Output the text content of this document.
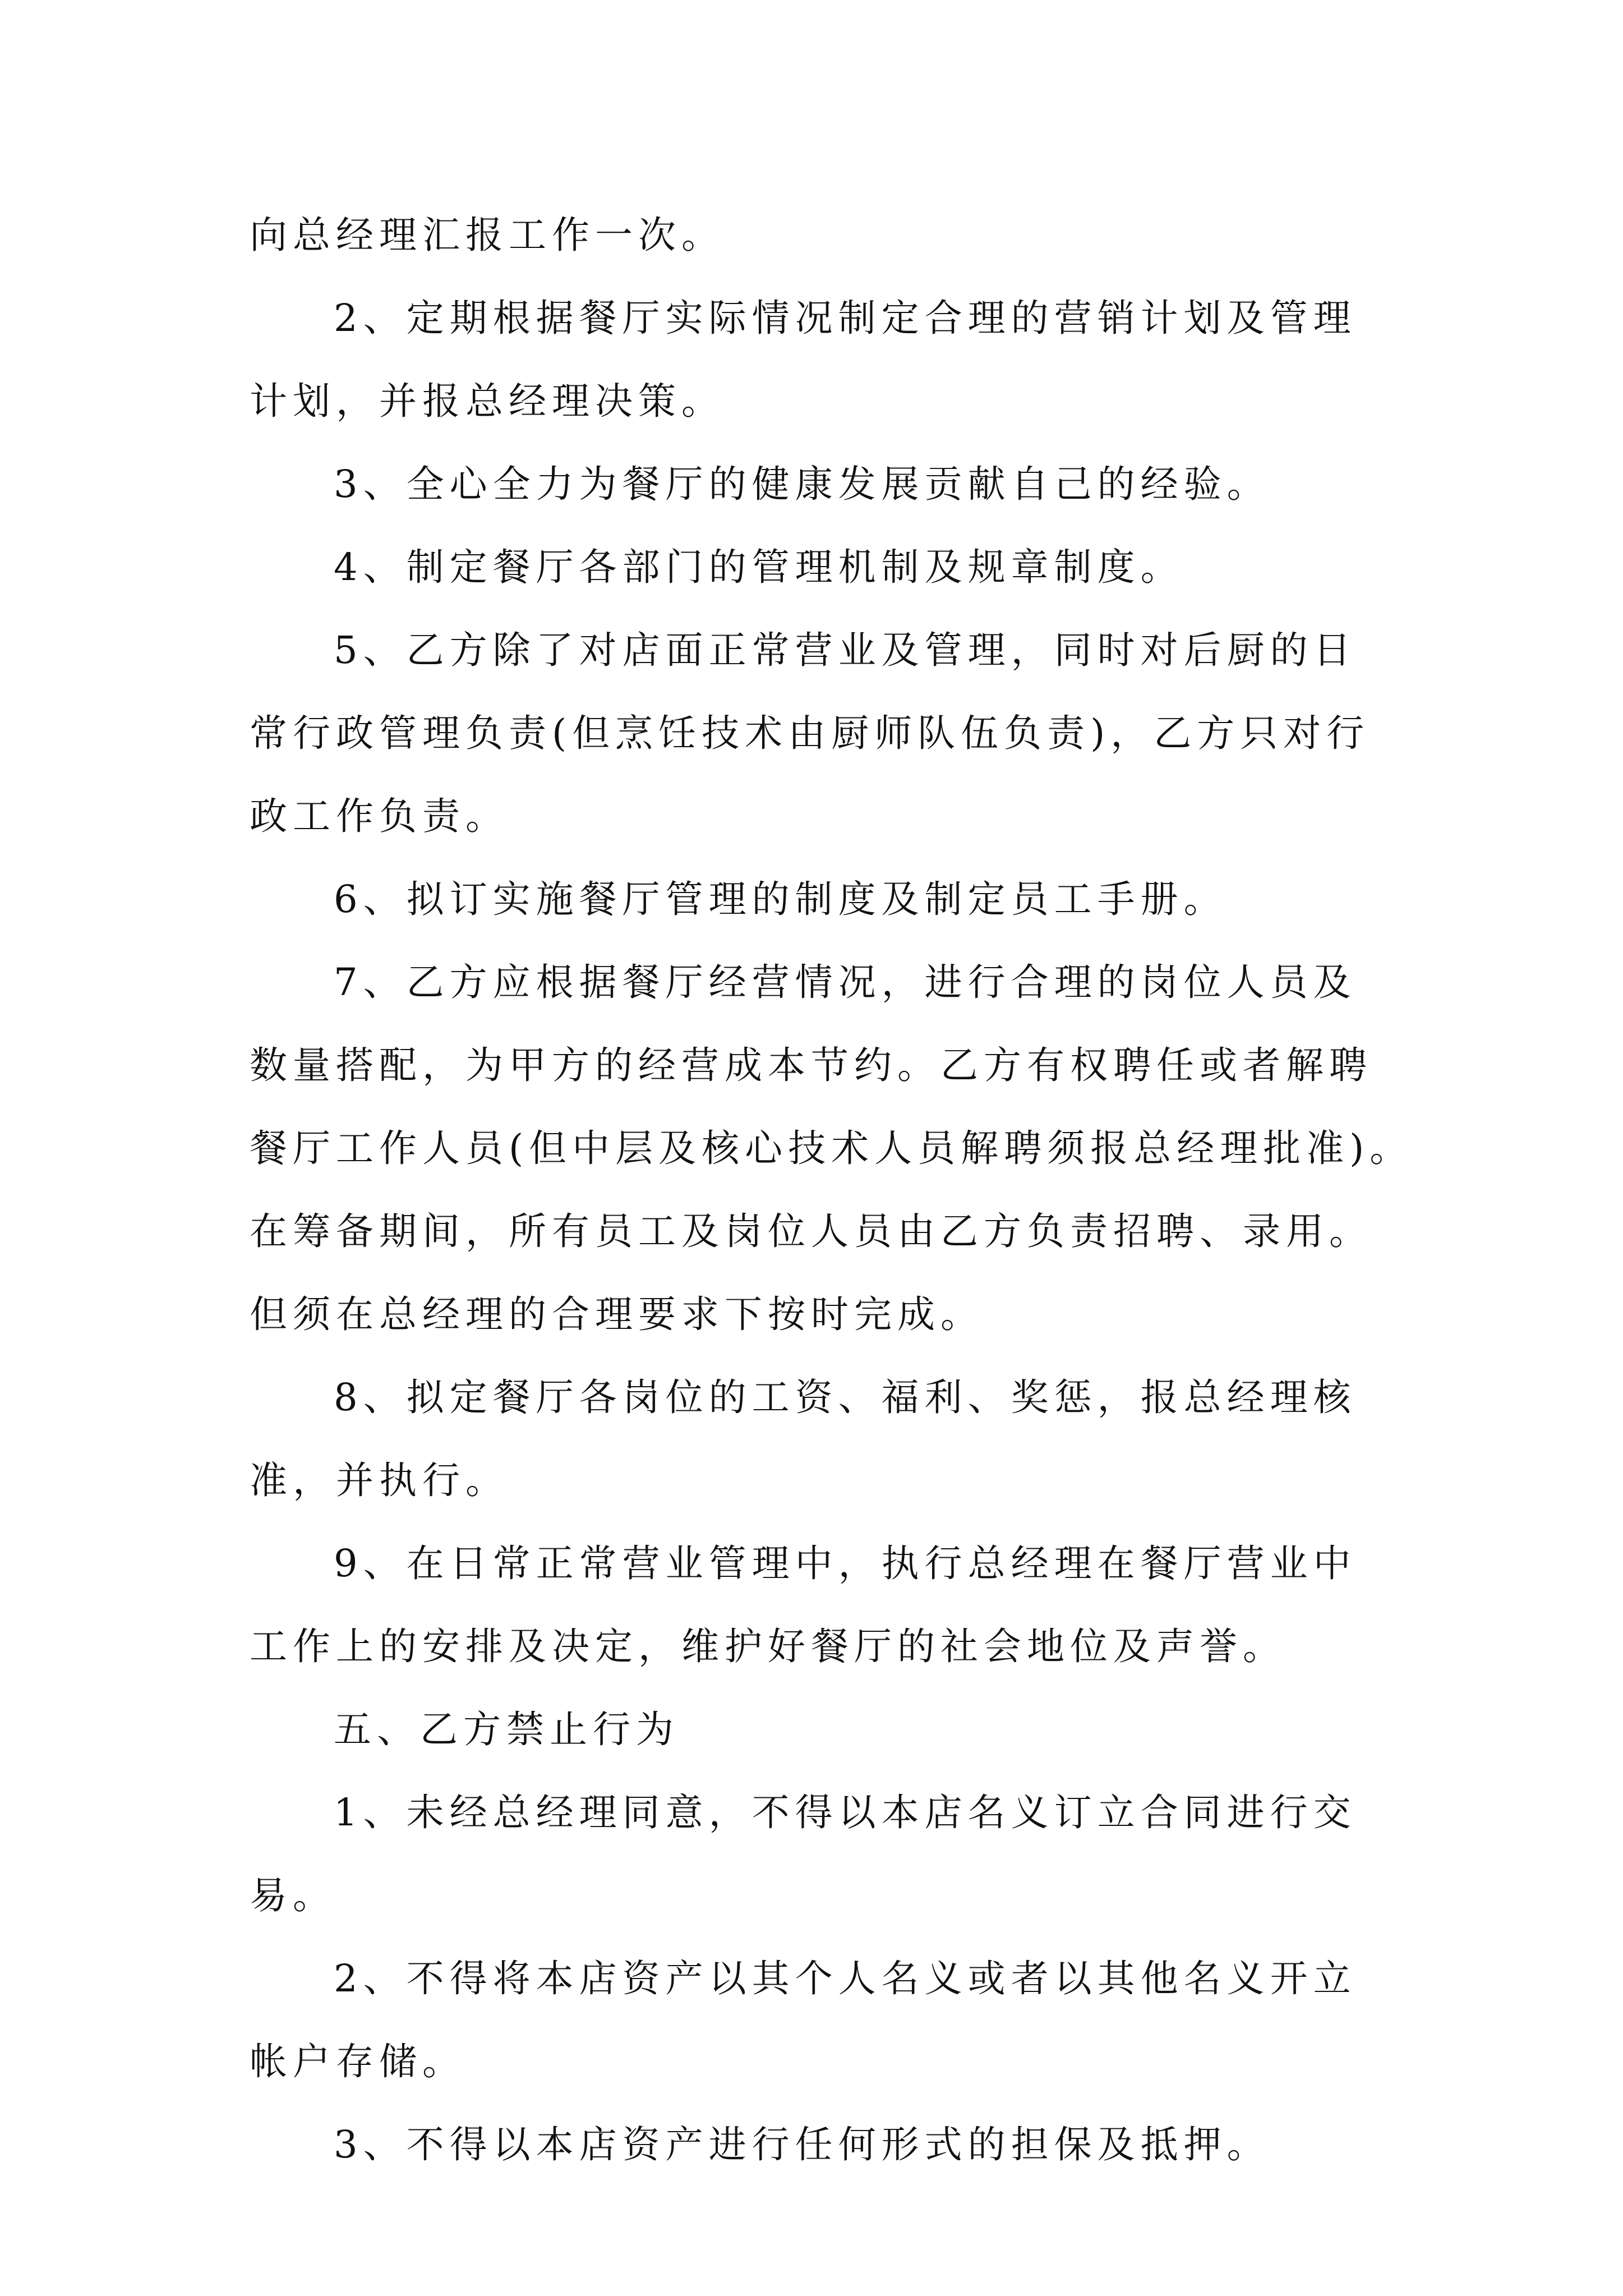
向总经理汇报工作一次。
2、定期根据餐厅实际情况制定合理的营销计划及管理
计划，并报总经理决策。
3、全心全力为餐厅的健康发展贡献自己的经验。
4、制定餐厅各部门的管理机制及规章制度。
5、乙方除了对店面正常营业及管理，同时对后厨的日
常行政管理负责(但烹饪技术由厨师队伍负责)，乙方只对行
政工作负责。
6、拟订实施餐厅管理的制度及制定员工手册。
7、乙方应根据餐厅经营情况，进行合理的岗位人员及
数量搭配，为甲方的经营成本节约。乙方有权聘任或者解聘
餐厅工作人员(但中层及核心技术人员解聘须报总经理批准)。
在筹备期间，所有员工及岗位人员由乙方负责招聘、录用。
但须在总经理的合理要求下按时完成。
8、拟定餐厅各岗位的工资、福利、奖惩，报总经理核
准，并执行。
9、在日常正常营业管理中，执行总经理在餐厅营业中
工作上的安排及决定，维护好餐厅的社会地位及声誉。
五、乙方禁止行为
1、未经总经理同意，不得以本店名义订立合同进行交
易。
2、不得将本店资产以其个人名义或者以其他名义开立
帐户存储。
3、不得以本店资产进行任何形式的担保及抵押。
